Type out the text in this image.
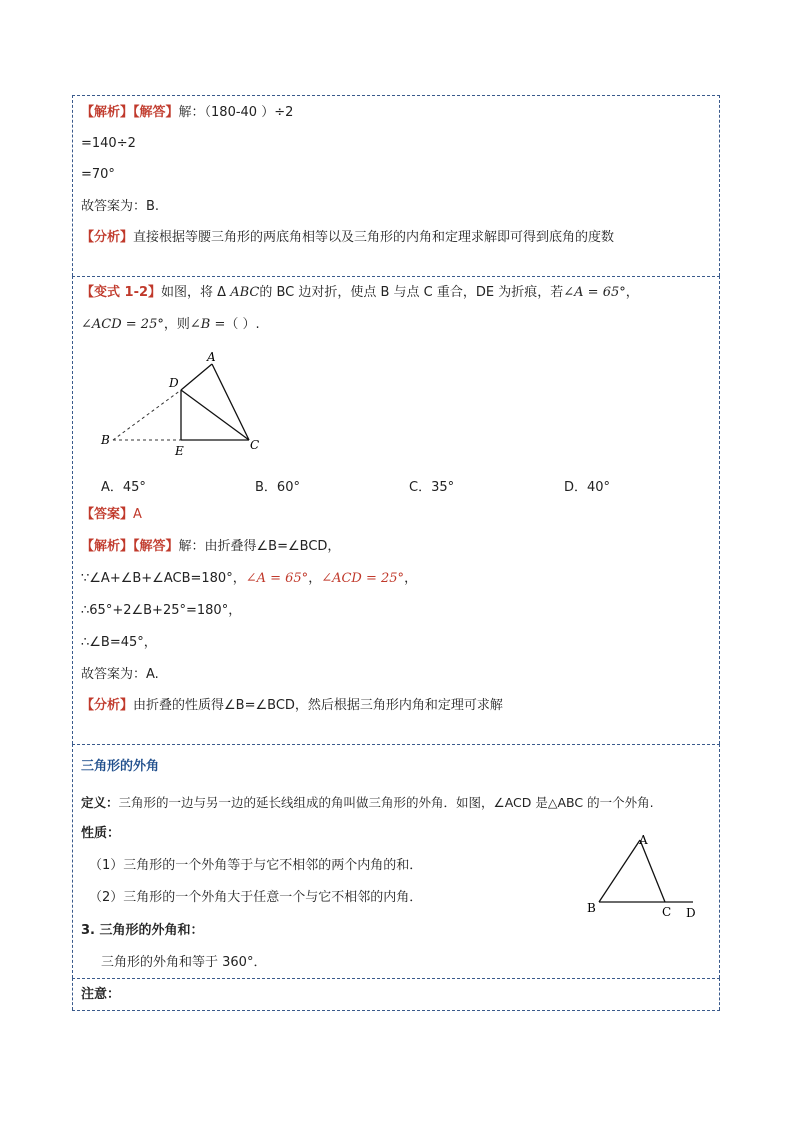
【解析】【解答】解：（180-40 ）÷2
=140÷2
=70°
故答案为：B.
【分析】直接根据等腰三角形的两底角相等以及三角形的内角和定理求解即可得到底角的度数
【变式 1-2】如图，将 Δ ABC的 BC 边对折，使点 B 与点 C 重合，DE 为折痕，若∠A = 65°，
∠ACD = 25°，则∠B =（ ）.
A
D
B
E	C
A．45°	B．60°	C．35°	D．40°
【答案】A
【解析】【解答】解：由折叠得∠B=∠BCD，
∵∠A+∠B+∠ACB=180°，∠A = 65°，∠ACD = 25°，
∴65°+2∠B+25°=180°，
∴∠B=45°，
故答案为：A.
【分析】由折叠的性质得∠B=∠BCD，然后根据三角形内角和定理可求解
三角形的外角
定义：三角形的一边与另一边的延长线组成的角叫做三角形的外角．如图，∠ACD 是△ABC 的一个外角.
性质：
（1）三角形的一个外角等于与它不相邻的两个内角的和．
（2）三角形的一个外角大于任意一个与它不相邻的内角．
3. 三角形的外角和：
三角形的外角和等于 360°．
A
B	C D
注意：
